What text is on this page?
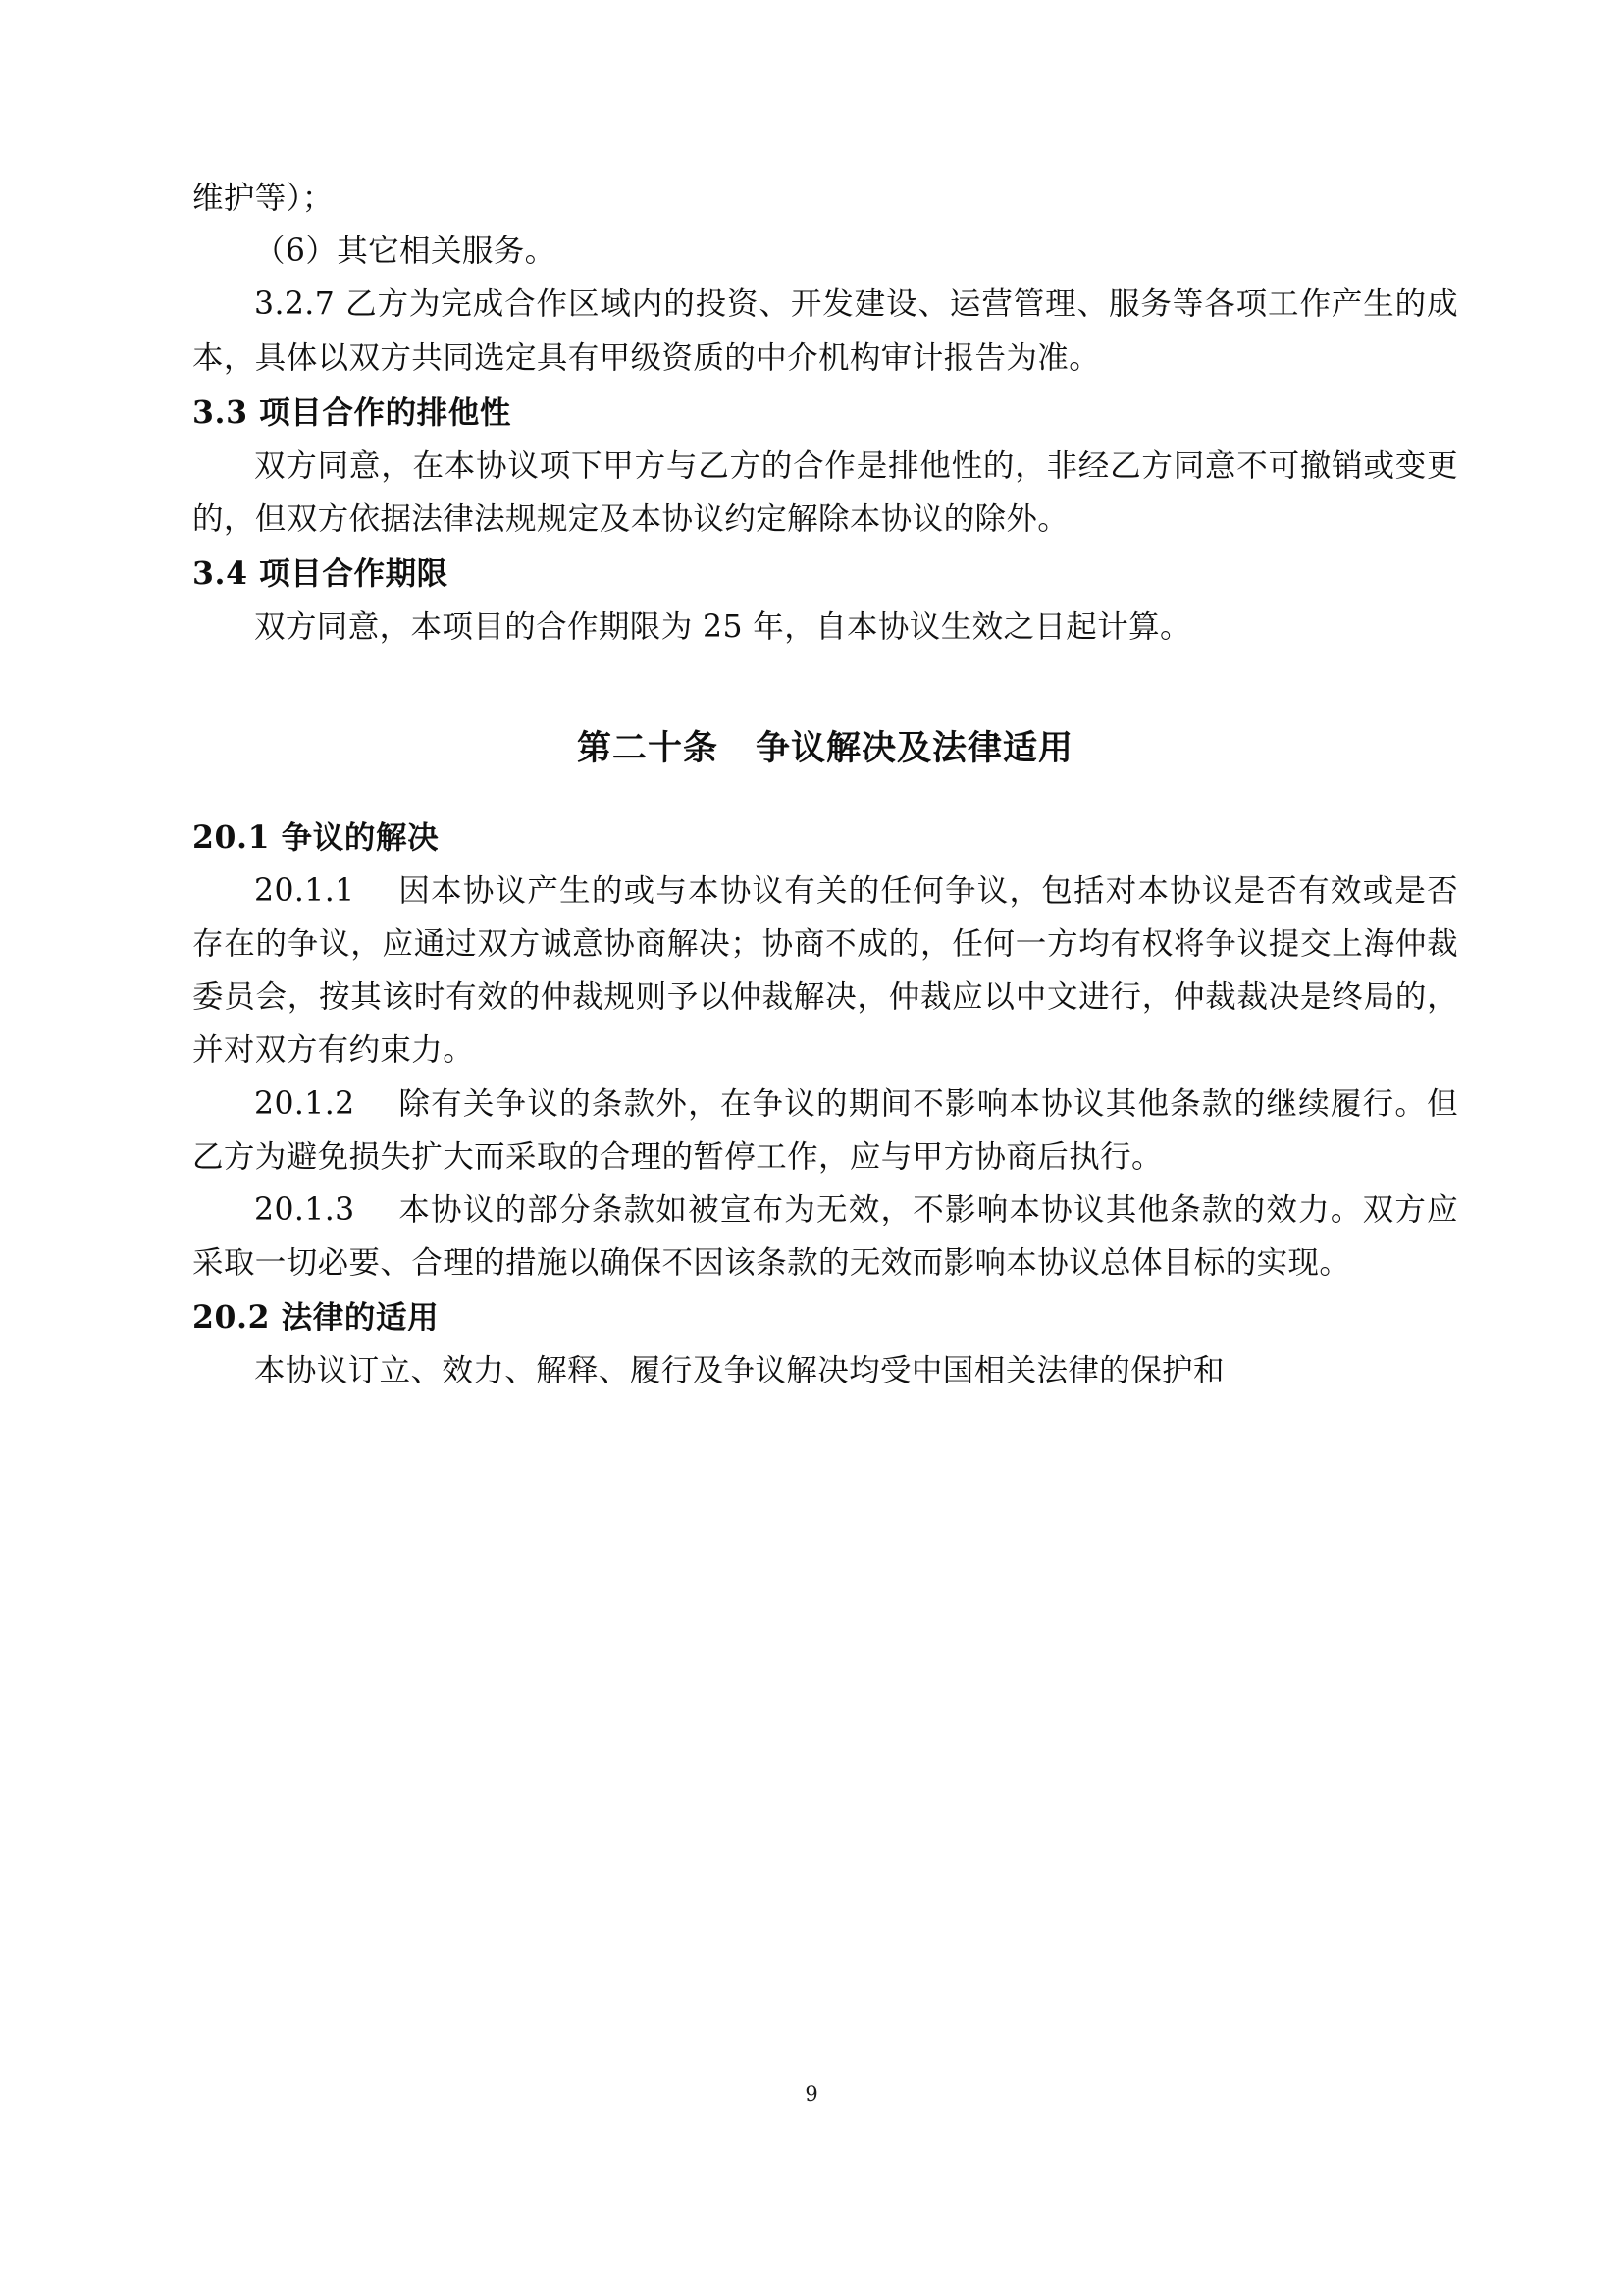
维护等）；

（6）其它相关服务。

3.2.7 乙方为完成合作区域内的投资、开发建设、运营管理、服务等各项工作产生的成本，具体以双方共同选定具有甲级资质的中介机构审计报告为准。

3.3 项目合作的排他性

双方同意，在本协议项下甲方与乙方的合作是排他性的，非经乙方同意不可撤销或变更的，但双方依据法律法规规定及本协议约定解除本协议的除外。

3.4 项目合作期限

双方同意，本项目的合作期限为 25 年，自本协议生效之日起计算。

第二十条 争议解决及法律适用

20.1 争议的解决

20.1.1　 因本协议产生的或与本协议有关的任何争议，包括对本协议是否有效或是否存在的争议，应通过双方诚意协商解决；协商不成的，任何一方均有权将争议提交上海仲裁委员会，按其该时有效的仲裁规则予以仲裁解决，仲裁应以中文进行，仲裁裁决是终局的，并对双方有约束力。

20.1.2　 除有关争议的条款外，在争议的期间不影响本协议其他条款的继续履行。但乙方为避免损失扩大而采取的合理的暂停工作，应与甲方协商后执行。

20.1.3　 本协议的部分条款如被宣布为无效，不影响本协议其他条款的效力。双方应采取一切必要、合理的措施以确保不因该条款的无效而影响本协议总体目标的实现。

20.2 法律的适用

本协议订立、效力、解释、履行及争议解决均受中国相关法律的保护和

9
